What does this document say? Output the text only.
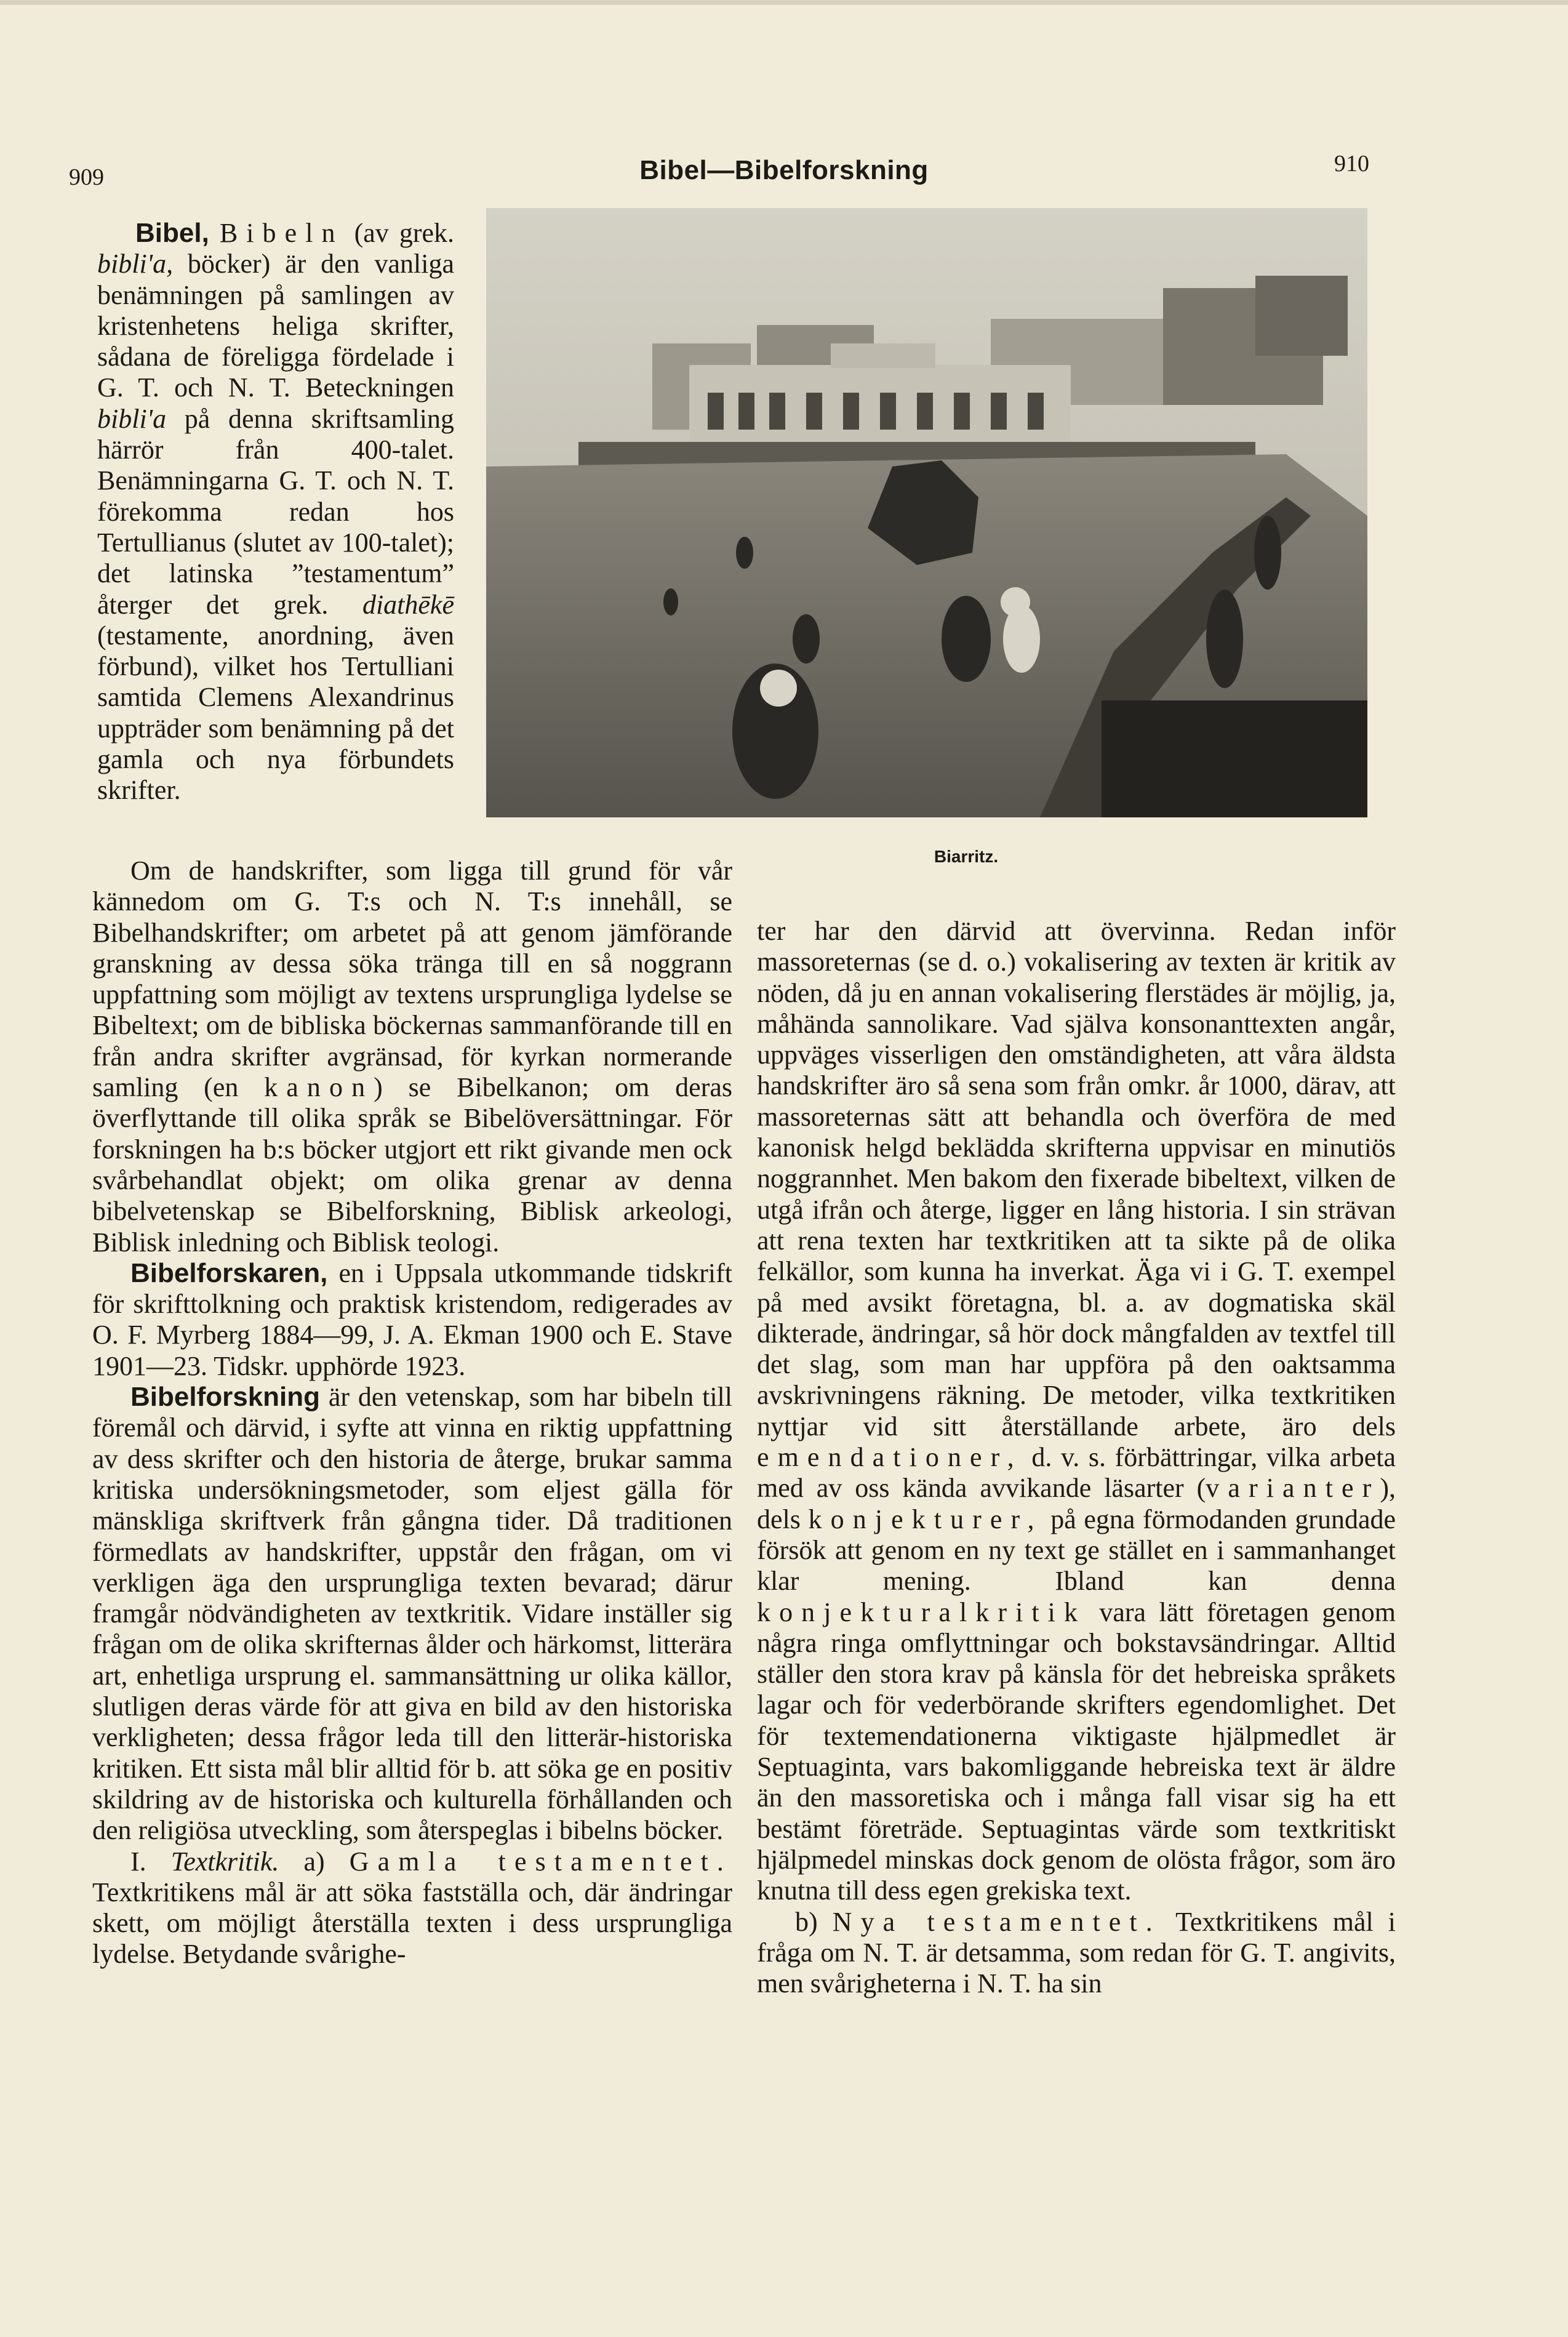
909	Bibel—Bibelforskning	910
Biarritz.

Bibel, Bibeln (av grek. bibli'a, böcker) är den vanliga benämningen på samlingen av kristenhetens heliga skrifter, sådana de föreligga fördelade i G. T. och N. T. Beteckningen bibli'a på denna skriftsamling härrör från 400-talet. Benämningarna G. T. och N. T. förekomma redan hos Tertullianus (slutet av 100-talet); det latinska ”testamentum” återger det grek. diathēkē (testamente, anordning, även förbund), vilket hos Tertulliani samtida Clemens Alexandrinus uppträder som benämning på det gamla och nya förbundets skrifter.

Om de handskrifter, som ligga till grund för vår kännedom om G. T:s och N. T:s innehåll, se Bibelhandskrifter; om arbetet på att genom jämförande granskning av dessa söka tränga till en så noggrann uppfattning som möjligt av textens ursprungliga lydelse se Bibeltext; om de bibliska böckernas sammanförande till en från andra skrifter avgränsad, för kyrkan normerande samling (en kanon) se Bibelkanon; om deras överflyttande till olika språk se Bibelöversättningar. För forskningen ha b:s böcker utgjort ett rikt givande men ock svårbehandlat objekt; om olika grenar av denna bibelvetenskap se Bibelforskning, Biblisk arkeologi, Biblisk inledning och Biblisk teologi.

Bibelforskaren, en i Uppsala utkommande tidskrift för skrifttolkning och praktisk kristendom, redigerades av O. F. Myrberg 1884—99, J. A. Ekman 1900 och E. Stave 1901—23. Tidskr. upphörde 1923.

Bibelforskning är den vetenskap, som har bibeln till föremål och därvid, i syfte att vinna en riktig uppfattning av dess skrifter och den historia de återge, brukar samma kritiska undersökningsmetoder, som eljest gälla för mänskliga skriftverk från gångna tider. Då traditionen förmedlats av handskrifter, uppstår den frågan, om vi verkligen äga den ursprungliga texten bevarad; därur framgår nödvändigheten av textkritik. Vidare inställer sig frågan om de olika skrifternas ålder och härkomst, litterära art, enhetliga ursprung el. sammansättning ur olika källor, slutligen deras värde för att giva en bild av den historiska verkligheten; dessa frågor leda till den litterär-historiska kritiken. Ett sista mål blir alltid för b. att söka ge en positiv skildring av de historiska och kulturella förhållanden och den religiösa utveckling, som återspeglas i bibelns böcker.

I. Textkritik. a) Gamla testamentet. Textkritikens mål är att söka fastställa och, där ändringar skett, om möjligt återställa texten i dess ursprungliga lydelse. Betydande svårighe-

ter har den därvid att övervinna. Redan inför massoreternas (se d. o.) vokalisering av texten är kritik av nöden, då ju en annan vokalisering flerstädes är möjlig, ja, måhända sannolikare. Vad själva konsonanttexten angår, uppväges visserligen den omständigheten, att våra äldsta handskrifter äro så sena som från omkr. år 1000, därav, att massoreternas sätt att behandla och överföra de med kanonisk helgd beklädda skrifterna uppvisar en minutiös noggrannhet. Men bakom den fixerade bibeltext, vilken de utgå ifrån och återge, ligger en lång historia. I sin strävan att rena texten har textkritiken att ta sikte på de olika felkällor, som kunna ha inverkat. Äga vi i G. T. exempel på med avsikt företagna, bl. a. av dogmatiska skäl dikterade, ändringar, så hör dock mångfalden av textfel till det slag, som man har uppföra på den oaktsamma avskrivningens räkning. De metoder, vilka textkritiken nyttjar vid sitt återställande arbete, äro dels emendationer, d. v. s. förbättringar, vilka arbeta med av oss kända avvikande läsarter (varianter), dels konjekturer, på egna förmodanden grundade försök att genom en ny text ge stället en i sammanhanget klar mening. Ibland kan denna konjekturalkritik vara lätt företagen genom några ringa omflyttningar och bokstavsändringar. Alltid ställer den stora krav på känsla för det hebreiska språkets lagar och för vederbörande skrifters egendomlighet. Det för textemendationerna viktigaste hjälpmedlet är Septuaginta, vars bakomliggande hebreiska text är äldre än den massoretiska och i många fall visar sig ha ett bestämt företräde. Septuagintas värde som textkritiskt hjälpmedel minskas dock genom de olösta frågor, som äro knutna till dess egen grekiska text.

b) Nya testamentet. Textkritikens mål i fråga om N. T. är detsamma, som redan för G. T. angivits, men svårigheterna i N. T. ha sin
